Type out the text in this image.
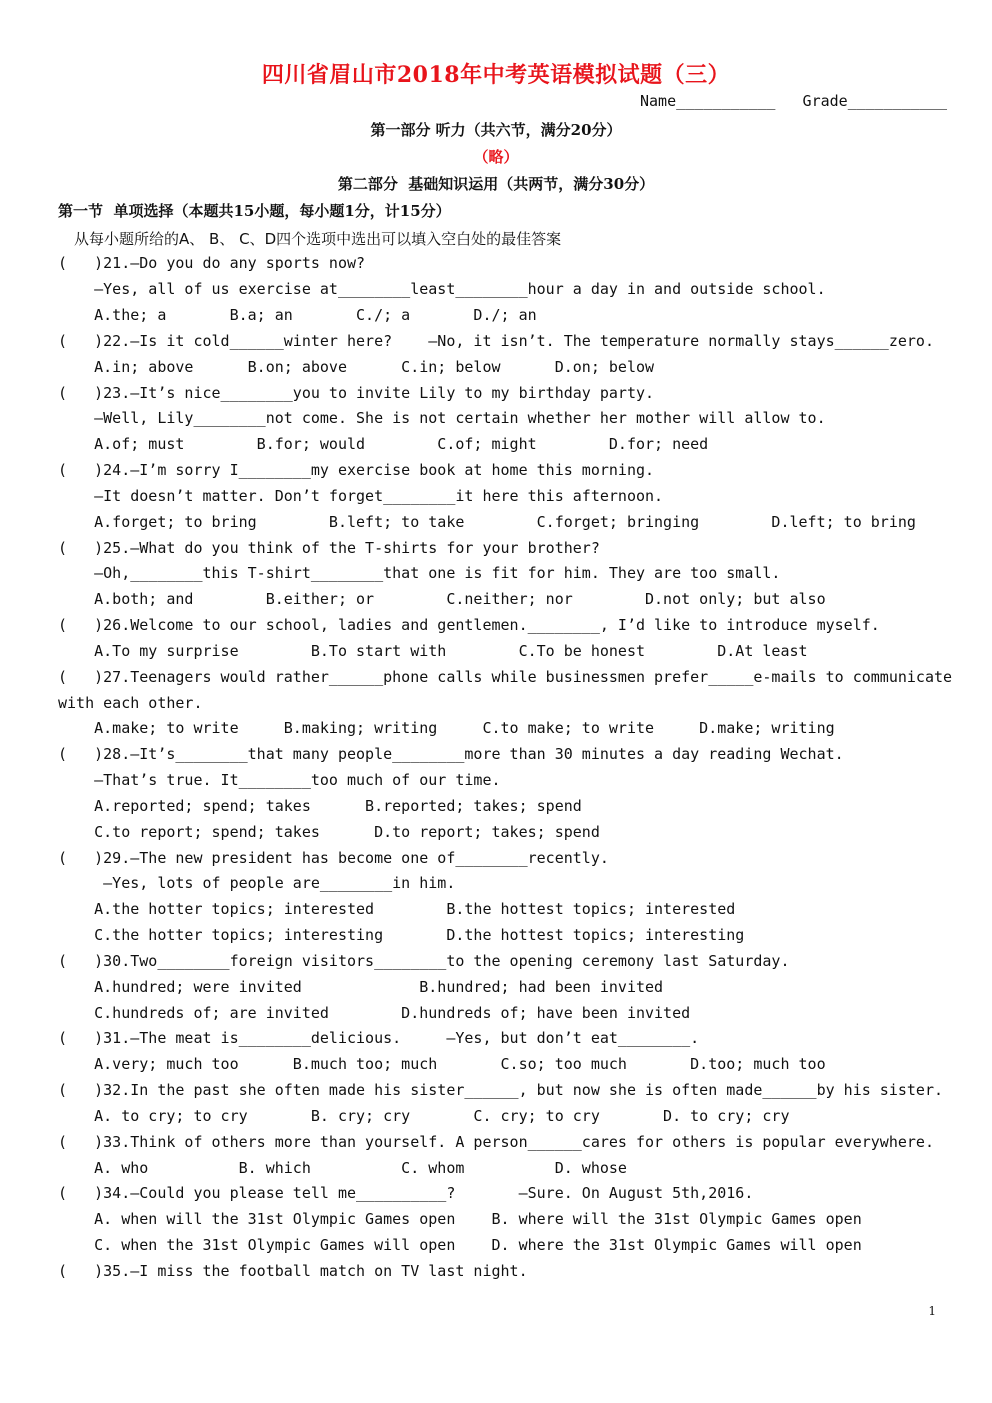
四川省眉山市2018年中考英语模拟试题（三）
Name___________   Grade___________
第一部分 听力（共六节，满分20分）
（略）
第二部分  基础知识运用（共两节，满分30分）
第一节  单项选择（本题共15小题，每小题1分，计15分）
从每小题所给的A、 B、 C、D四个选项中选出可以填入空白处的最佳答案
(   )21.—Do you do any sports now?
—Yes, all of us exercise at________least________hour a day in and outside school.
A.the; a       B.a; an       C./; a       D./; an
(   )22.—Is it cold______winter here?    —No, it isn’t. The temperature normally stays______zero.
A.in; above      B.on; above      C.in; below      D.on; below
(   )23.—It’s nice________you to invite Lily to my birthday party.
—Well, Lily________not come. She is not certain whether her mother will allow to.
A.of; must        B.for; would        C.of; might        D.for; need
(   )24.—I’m sorry I________my exercise book at home this morning.
—It doesn’t matter. Don’t forget________it here this afternoon.
A.forget; to bring        B.left; to take        C.forget; bringing        D.left; to bring
(   )25.—What do you think of the T-shirts for your brother?
—Oh,________this T-shirt________that one is fit for him. They are too small.
A.both; and        B.either; or        C.neither; nor        D.not only; but also
(   )26.Welcome to our school, ladies and gentlemen.________, I’d like to introduce myself.
A.To my surprise        B.To start with        C.To be honest        D.At least
(   )27.Teenagers would rather______phone calls while businessmen prefer_____e-mails to communicate
with each other.
A.make; to write     B.making; writing     C.to make; to write     D.make; writing
(   )28.—It’s________that many people________more than 30 minutes a day reading Wechat.
—That’s true. It________too much of our time.
A.reported; spend; takes      B.reported; takes; spend
C.to report; spend; takes      D.to report; takes; spend
(   )29.—The new president has become one of________recently.
—Yes, lots of people are________in him.
A.the hotter topics; interested        B.the hottest topics; interested
C.the hotter topics; interesting       D.the hottest topics; interesting
(   )30.Two________foreign visitors________to the opening ceremony last Saturday.
A.hundred; were invited             B.hundred; had been invited
C.hundreds of; are invited        D.hundreds of; have been invited
(   )31.—The meat is________delicious.     —Yes, but don’t eat________.
A.very; much too      B.much too; much       C.so; too much       D.too; much too
(   )32.In the past she often made his sister______, but now she is often made______by his sister.
A. to cry; to cry       B. cry; cry       C. cry; to cry       D. to cry; cry
(   )33.Think of others more than yourself. A person______cares for others is popular everywhere.
A. who          B. which          C. whom          D. whose
(   )34.—Could you please tell me__________?       —Sure. On August 5th,2016.
A. when will the 31st Olympic Games open    B. where will the 31st Olympic Games open
C. when the 31st Olympic Games will open    D. where the 31st Olympic Games will open
(   )35.—I miss the football match on TV last night.
1
